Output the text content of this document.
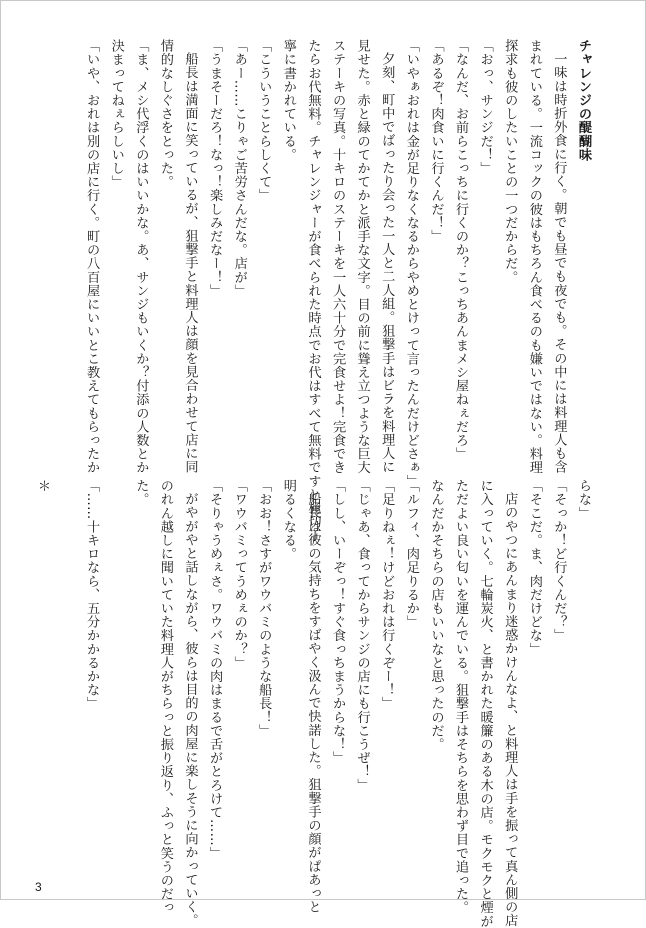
チャレンジの醍醐味

一味は時折外食に行く。朝でも昼でも夜でも。その中には料理人も含

まれている。一流コックの彼はもちろん食べるのも嫌いではない。料理

探求も彼のしたいことの一つだからだ。

「おっ、サンジだ！」

「なんだ、お前らこっちに行くのか？こっちあんまメシ屋ねぇだろ」

「あるぞ！肉食いに行くんだ！」

「いやぁおれは金が足りなくなるからやめとけって言ったんだけどさぁ」

夕刻、町中でばったり会った一人と二人組。狙撃手はビラを料理人に

見せた。赤と緑のてかてかと派手な文字。目の前に聳え立つような巨大

ステーキの写真。十キロのステーキを一人六十分で完食せよ！完食でき

たらお代無料。チャレンジャーが食べられた時点でお代はすべて無料ですと極切丁

寧に書かれている。

「こういうことらしくて」

「あー……こりゃご苦労さんだな。店が」

「うまそーだろ！なっ！楽しみだなー！」

船長は満面に笑っているが、狙撃手と料理人は顔を見合わせて店に同

情的なしぐさをとった。

「ま、メシ代浮くのはいいかな。あ、サンジもいくか？付添の人数とか

決まってねぇらしいし」

「いや、おれは別の店に行く。町の八百屋にいいとこ教えてもらったか

らな」

「そっか！ど行くんだ？」

「そこだ。ま、肉だけどな」

店のやつにあんまり迷惑かけんなよ、と料理人は手を振って真ん側の店

に入っていく。七輪炭火、と書かれた暖簾のある木の店。モクモクと煙が

ただよい良い匂いを運んでいる。狙撃手はそちらを思わず目で追った。

なんだかそちらの店もいいなと思ったのだ。

「ルフィ、肉足りるか」

「足りねぇ！けどおれは行くぞー！」

「じゃあ、食ってからサンジの店にも行こうぜ！」

「しし、いーぞっ！すぐ食っちまうからな！」

船長は彼の気持ちをすばやく汲んで快諾した。狙撃手の顔がぱあっと

明るくなる。

「おお！さすがワウバミのような船長！」

「ワウバミってうめぇのか？」

「そりゃうめぇさ。ワウバミの肉はまるで舌がとろけて……」

がやがやと話しながら、彼らは目的の肉屋に楽しそうに向かっていく。

のれん越しに聞いていた料理人がちらっと振り返り、ふっと笑うのだっ

た。

「……十キロなら、五分かかるかな」

＊

3
